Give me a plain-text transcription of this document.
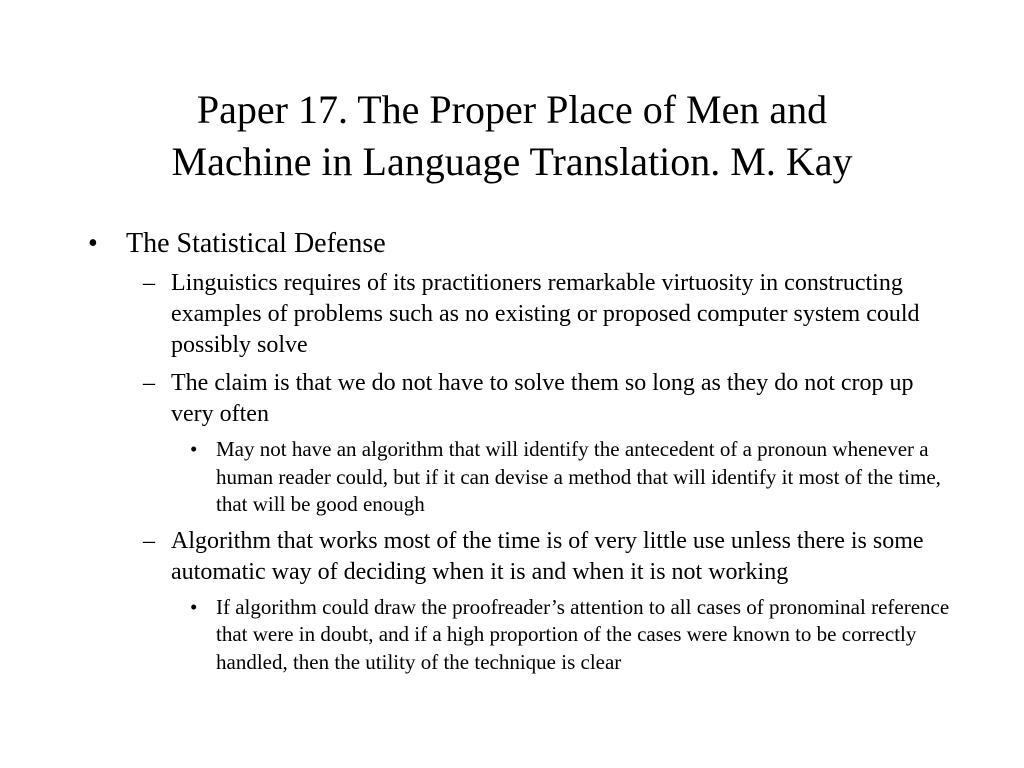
Paper 17. The Proper Place of Men and
Machine in Language Translation. M. Kay
• The Statistical Defense
– Linguistics requires of its practitioners remarkable virtuosity in constructing examples of problems such as no existing or proposed computer system could possibly solve
– The claim is that we do not have to solve them so long as they do not crop up very often
• May not have an algorithm that will identify the antecedent of a pronoun whenever a human reader could, but if it can devise a method that will identify it most of the time, that will be good enough
– Algorithm that works most of the time is of very little use unless there is some automatic way of deciding when it is and when it is not working
• If algorithm could draw the proofreader’s attention to all cases of pronominal reference that were in doubt, and if a high proportion of the cases were known to be correctly handled, then the utility of the technique is clear
